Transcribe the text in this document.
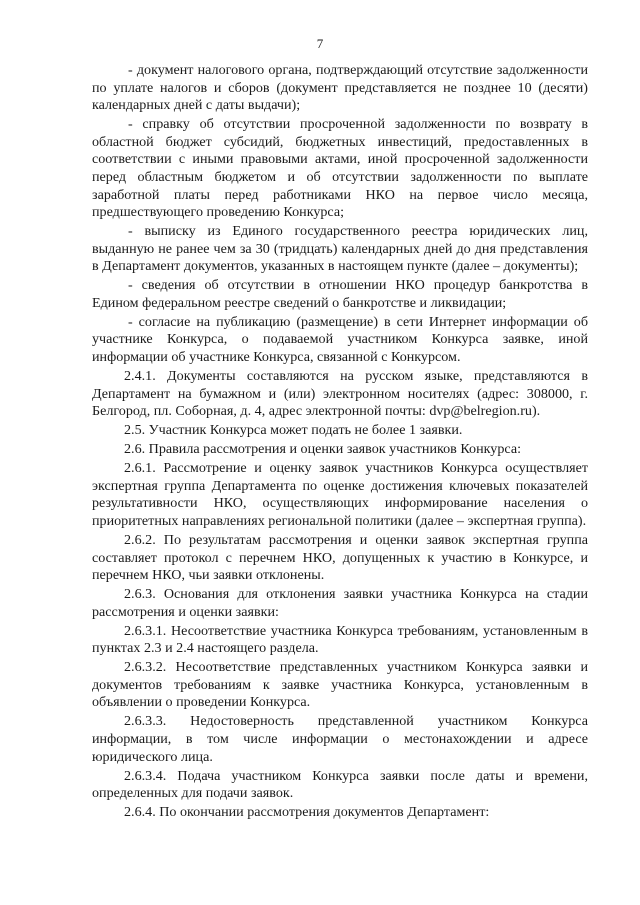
7

- документ налогового органа, подтверждающий отсутствие задолженности по уплате налогов и сборов (документ представляется не позднее 10 (десяти) календарных дней с даты выдачи);

- справку об отсутствии просроченной задолженности по возврату в областной бюджет субсидий, бюджетных инвестиций, предоставленных в соответствии с иными правовыми актами, иной просроченной задолженности перед областным бюджетом и об отсутствии задолженности по выплате заработной платы перед работниками НКО на первое число месяца, предшествующего проведению Конкурса;

- выписку из Единого государственного реестра юридических лиц, выданную не ранее чем за 30 (тридцать) календарных дней до дня представления в Департамент документов, указанных в настоящем пункте (далее – документы);

- сведения об отсутствии в отношении НКО процедур банкротства в Едином федеральном реестре сведений о банкротстве и ликвидации;

- согласие на публикацию (размещение) в сети Интернет информации об участнике Конкурса, о подаваемой участником Конкурса заявке, иной информации об участнике Конкурса, связанной с Конкурсом.

2.4.1. Документы составляются на русском языке, представляются в Департамент на бумажном и (или) электронном носителях (адрес: 308000, г. Белгород, пл. Соборная, д. 4, адрес электронной почты: dvp@belregion.ru).

2.5. Участник Конкурса может подать не более 1 заявки.

2.6. Правила рассмотрения и оценки заявок участников Конкурса:

2.6.1. Рассмотрение и оценку заявок участников Конкурса осуществляет экспертная группа Департамента по оценке достижения ключевых показателей результативности НКО, осуществляющих информирование населения о приоритетных направлениях региональной политики (далее – экспертная группа).

2.6.2. По результатам рассмотрения и оценки заявок экспертная группа составляет протокол с перечнем НКО, допущенных к участию в Конкурсе, и перечнем НКО, чьи заявки отклонены.

2.6.3. Основания для отклонения заявки участника Конкурса на стадии рассмотрения и оценки заявки:

2.6.3.1. Несоответствие участника Конкурса требованиям, установленным в пунктах 2.3 и 2.4 настоящего раздела.

2.6.3.2. Несоответствие представленных участником Конкурса заявки и документов требованиям к заявке участника Конкурса, установленным в объявлении о проведении Конкурса.

2.6.3.3. Недостоверность представленной участником Конкурса информации, в том числе информации о местонахождении и адресе юридического лица.

2.6.3.4. Подача участником Конкурса заявки после даты и времени, определенных для подачи заявок.

2.6.4. По окончании рассмотрения документов Департамент:
